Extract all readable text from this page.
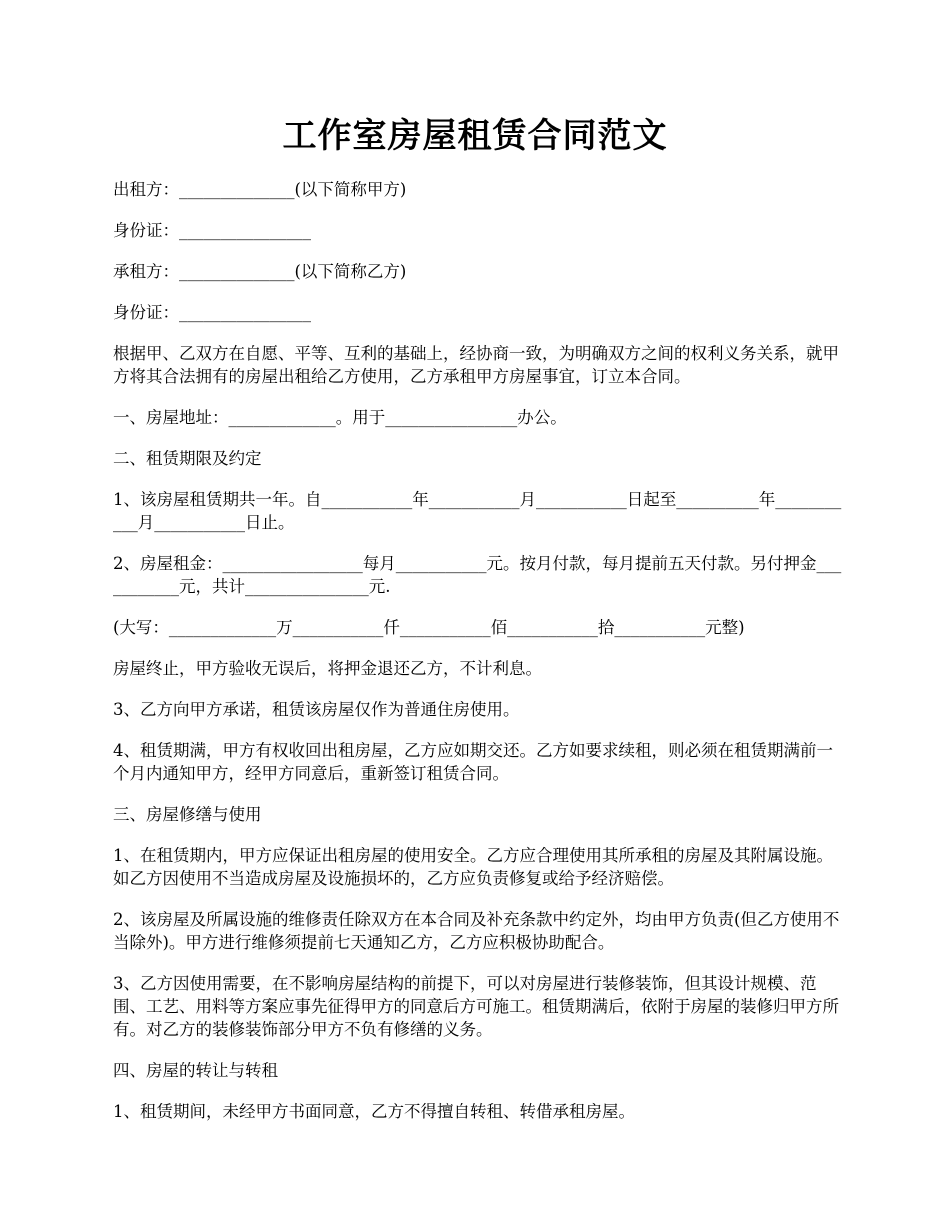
工作室房屋租赁合同范文

出租方：______________(以下简称甲方)

身份证：________________

承租方：______________(以下简称乙方)

身份证：________________

根据甲、乙双方在自愿、平等、互利的基础上，经协商一致，为明确双方之间的权利义务关系，就甲方将其合法拥有的房屋出租给乙方使用，乙方承租甲方房屋事宜，订立本合同。

一、房屋地址：_____________。用于________________办公。

二、租赁期限及约定

1、该房屋租赁期共一年。自___________年___________月___________日起至__________年___________月___________日止。

2、房屋租金：_________________每月___________元。按月付款，每月提前五天付款。另付押金___________元，共计_______________元.

(大写：_____________万___________仟___________佰___________拾___________元整)

房屋终止，甲方验收无误后，将押金退还乙方，不计利息。

3、乙方向甲方承诺，租赁该房屋仅作为普通住房使用。

4、租赁期满，甲方有权收回出租房屋，乙方应如期交还。乙方如要求续租，则必须在租赁期满前一个月内通知甲方，经甲方同意后，重新签订租赁合同。

三、房屋修缮与使用

1、在租赁期内，甲方应保证出租房屋的使用安全。乙方应合理使用其所承租的房屋及其附属设施。如乙方因使用不当造成房屋及设施损坏的，乙方应负责修复或给予经济赔偿。

2、该房屋及所属设施的维修责任除双方在本合同及补充条款中约定外，均由甲方负责(但乙方使用不当除外)。甲方进行维修须提前七天通知乙方，乙方应积极协助配合。

3、乙方因使用需要，在不影响房屋结构的前提下，可以对房屋进行装修装饰，但其设计规模、范围、工艺、用料等方案应事先征得甲方的同意后方可施工。租赁期满后，依附于房屋的装修归甲方所有。对乙方的装修装饰部分甲方不负有修缮的义务。

四、房屋的转让与转租

1、租赁期间，未经甲方书面同意，乙方不得擅自转租、转借承租房屋。
